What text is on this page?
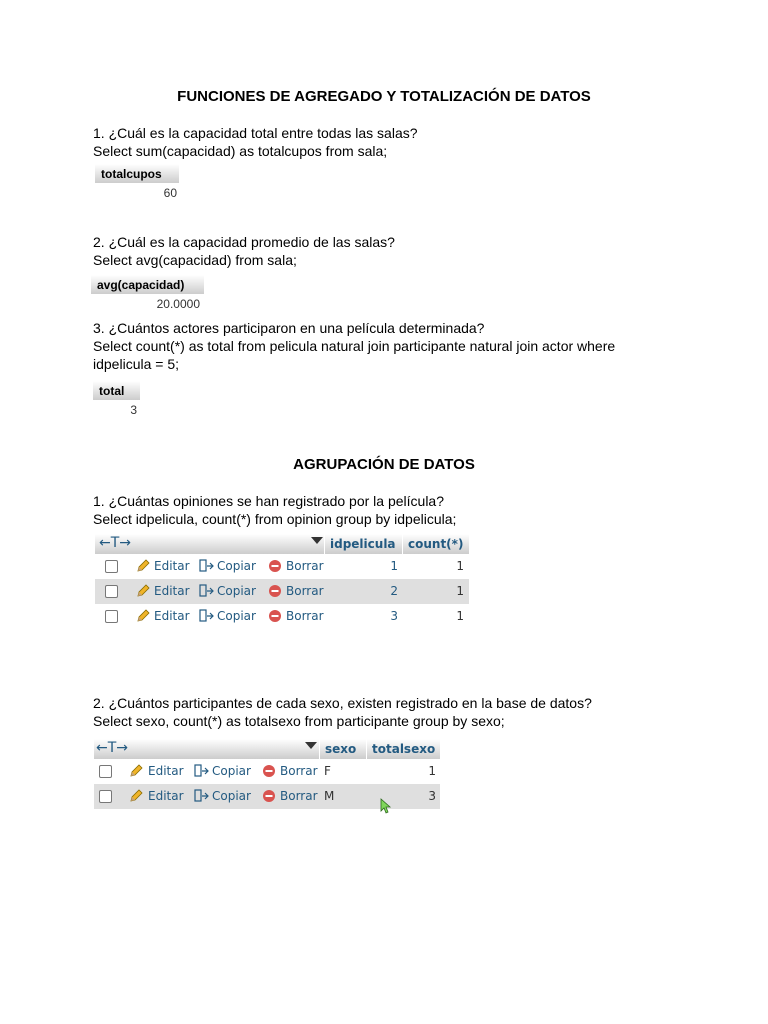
FUNCIONES DE AGREGADO Y TOTALIZACIÓN DE DATOS
1. ¿Cuál es la capacidad total entre todas las salas?
Select sum(capacidad) as totalcupos from sala;
totalcupos
60
2. ¿Cuál es la capacidad promedio de las salas?
Select avg(capacidad) from sala;
avg(capacidad)
20.0000
3. ¿Cuántos actores participaron en una película determinada?
Select count(*) as total from pelicula natural join participante natural join actor where
idpelicula = 5;
total
3
AGRUPACIÓN DE DATOS
1. ¿Cuántas opiniones se han registrado por la película?
Select idpelicula, count(*) from opinion group by idpelicula;
←T→	idpelicula	count(*)
Editar Copiar	Borrar	1	1
Editar Copiar	Borrar	2	1
Editar Copiar	Borrar	3	1
2. ¿Cuántos participantes de cada sexo, existen registrado en la base de datos?
Select sexo, count(*) as totalsexo from participante group by sexo;
←T→	sexo	totalsexo
Editar Copiar Borrar F	1
Editar Copiar Borrar M	3
